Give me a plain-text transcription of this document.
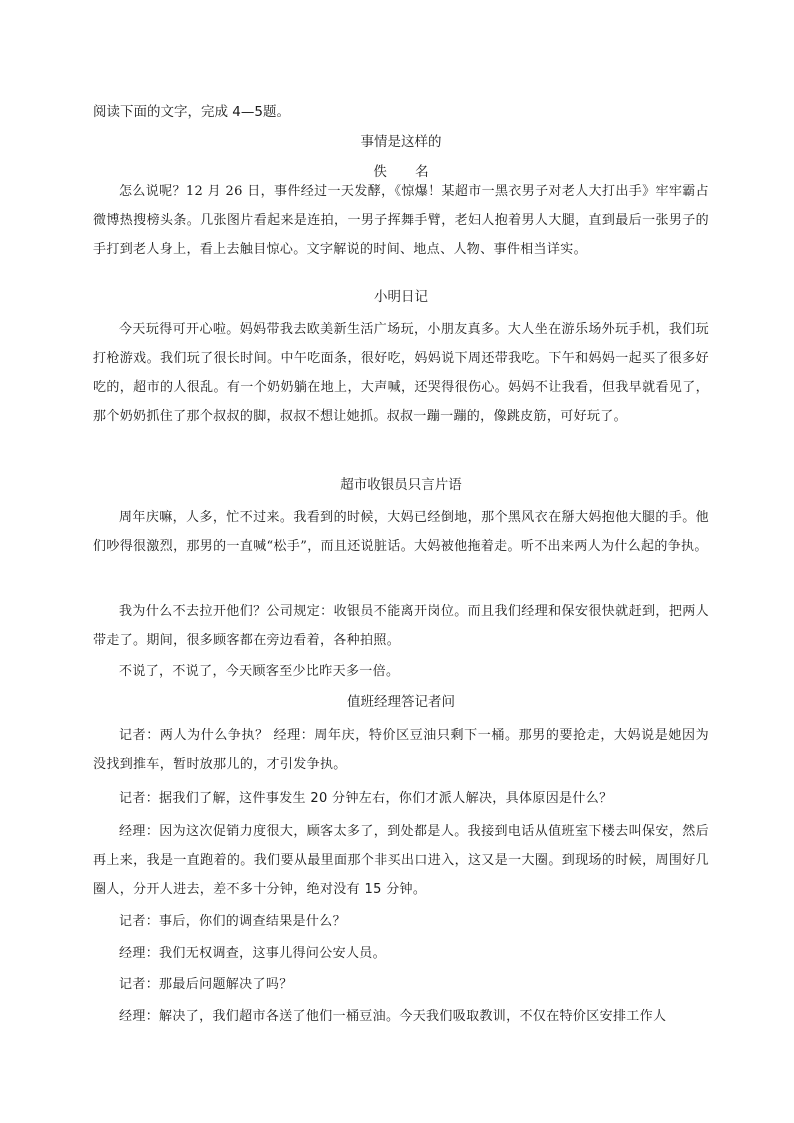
阅读下面的文字，完成 4—5题。
事情是这样的
佚 名

怎么说呢？12 月 26 日，事件经过一天发酵，《惊爆！某超市一黑衣男子对老人大打出手》牢牢霸占微博热搜榜头条。几张图片看起来是连拍，一男子挥舞手臂，老妇人抱着男人大腿，直到最后一张男子的手打到老人身上，看上去触目惊心。文字解说的时间、地点、人物、事件相当详实。

小明日记

今天玩得可开心啦。妈妈带我去欧美新生活广场玩，小朋友真多。大人坐在游乐场外玩手机，我们玩打枪游戏。我们玩了很长时间。中午吃面条，很好吃，妈妈说下周还带我吃。下午和妈妈一起买了很多好吃的，超市的人很乱。有一个奶奶躺在地上，大声喊，还哭得很伤心。妈妈不让我看，但我早就看见了，那个奶奶抓住了那个叔叔的脚，叔叔不想让她抓。叔叔一蹦一蹦的，像跳皮筋，可好玩了。

超市收银员只言片语

周年庆嘛，人多，忙不过来。我看到的时候，大妈已经倒地，那个黑风衣在掰大妈抱他大腿的手。他们吵得很激烈，那男的一直喊“松手”，而且还说脏话。大妈被他拖着走。听不出来两人为什么起的争执。

我为什么不去拉开他们？公司规定：收银员不能离开岗位。而且我们经理和保安很快就赶到，把两人带走了。期间，很多顾客都在旁边看着，各种拍照。

不说了，不说了，今天顾客至少比昨天多一倍。

值班经理答记者问

记者：两人为什么争执？ 经理：周年庆，特价区豆油只剩下一桶。那男的要抢走，大妈说是她因为没找到推车，暂时放那儿的，才引发争执。

记者：据我们了解，这件事发生 20 分钟左右，你们才派人解决，具体原因是什么？

经理：因为这次促销力度很大，顾客太多了，到处都是人。我接到电话从值班室下楼去叫保安，然后再上来，我是一直跑着的。我们要从最里面那个非买出口进入，这又是一大圈。到现场的时候，周围好几圈人，分开人进去，差不多十分钟，绝对没有 15 分钟。

记者：事后，你们的调查结果是什么？

经理：我们无权调查，这事儿得问公安人员。

记者：那最后问题解决了吗？

经理：解决了，我们超市各送了他们一桶豆油。今天我们吸取教训，不仅在特价区安排工作人
